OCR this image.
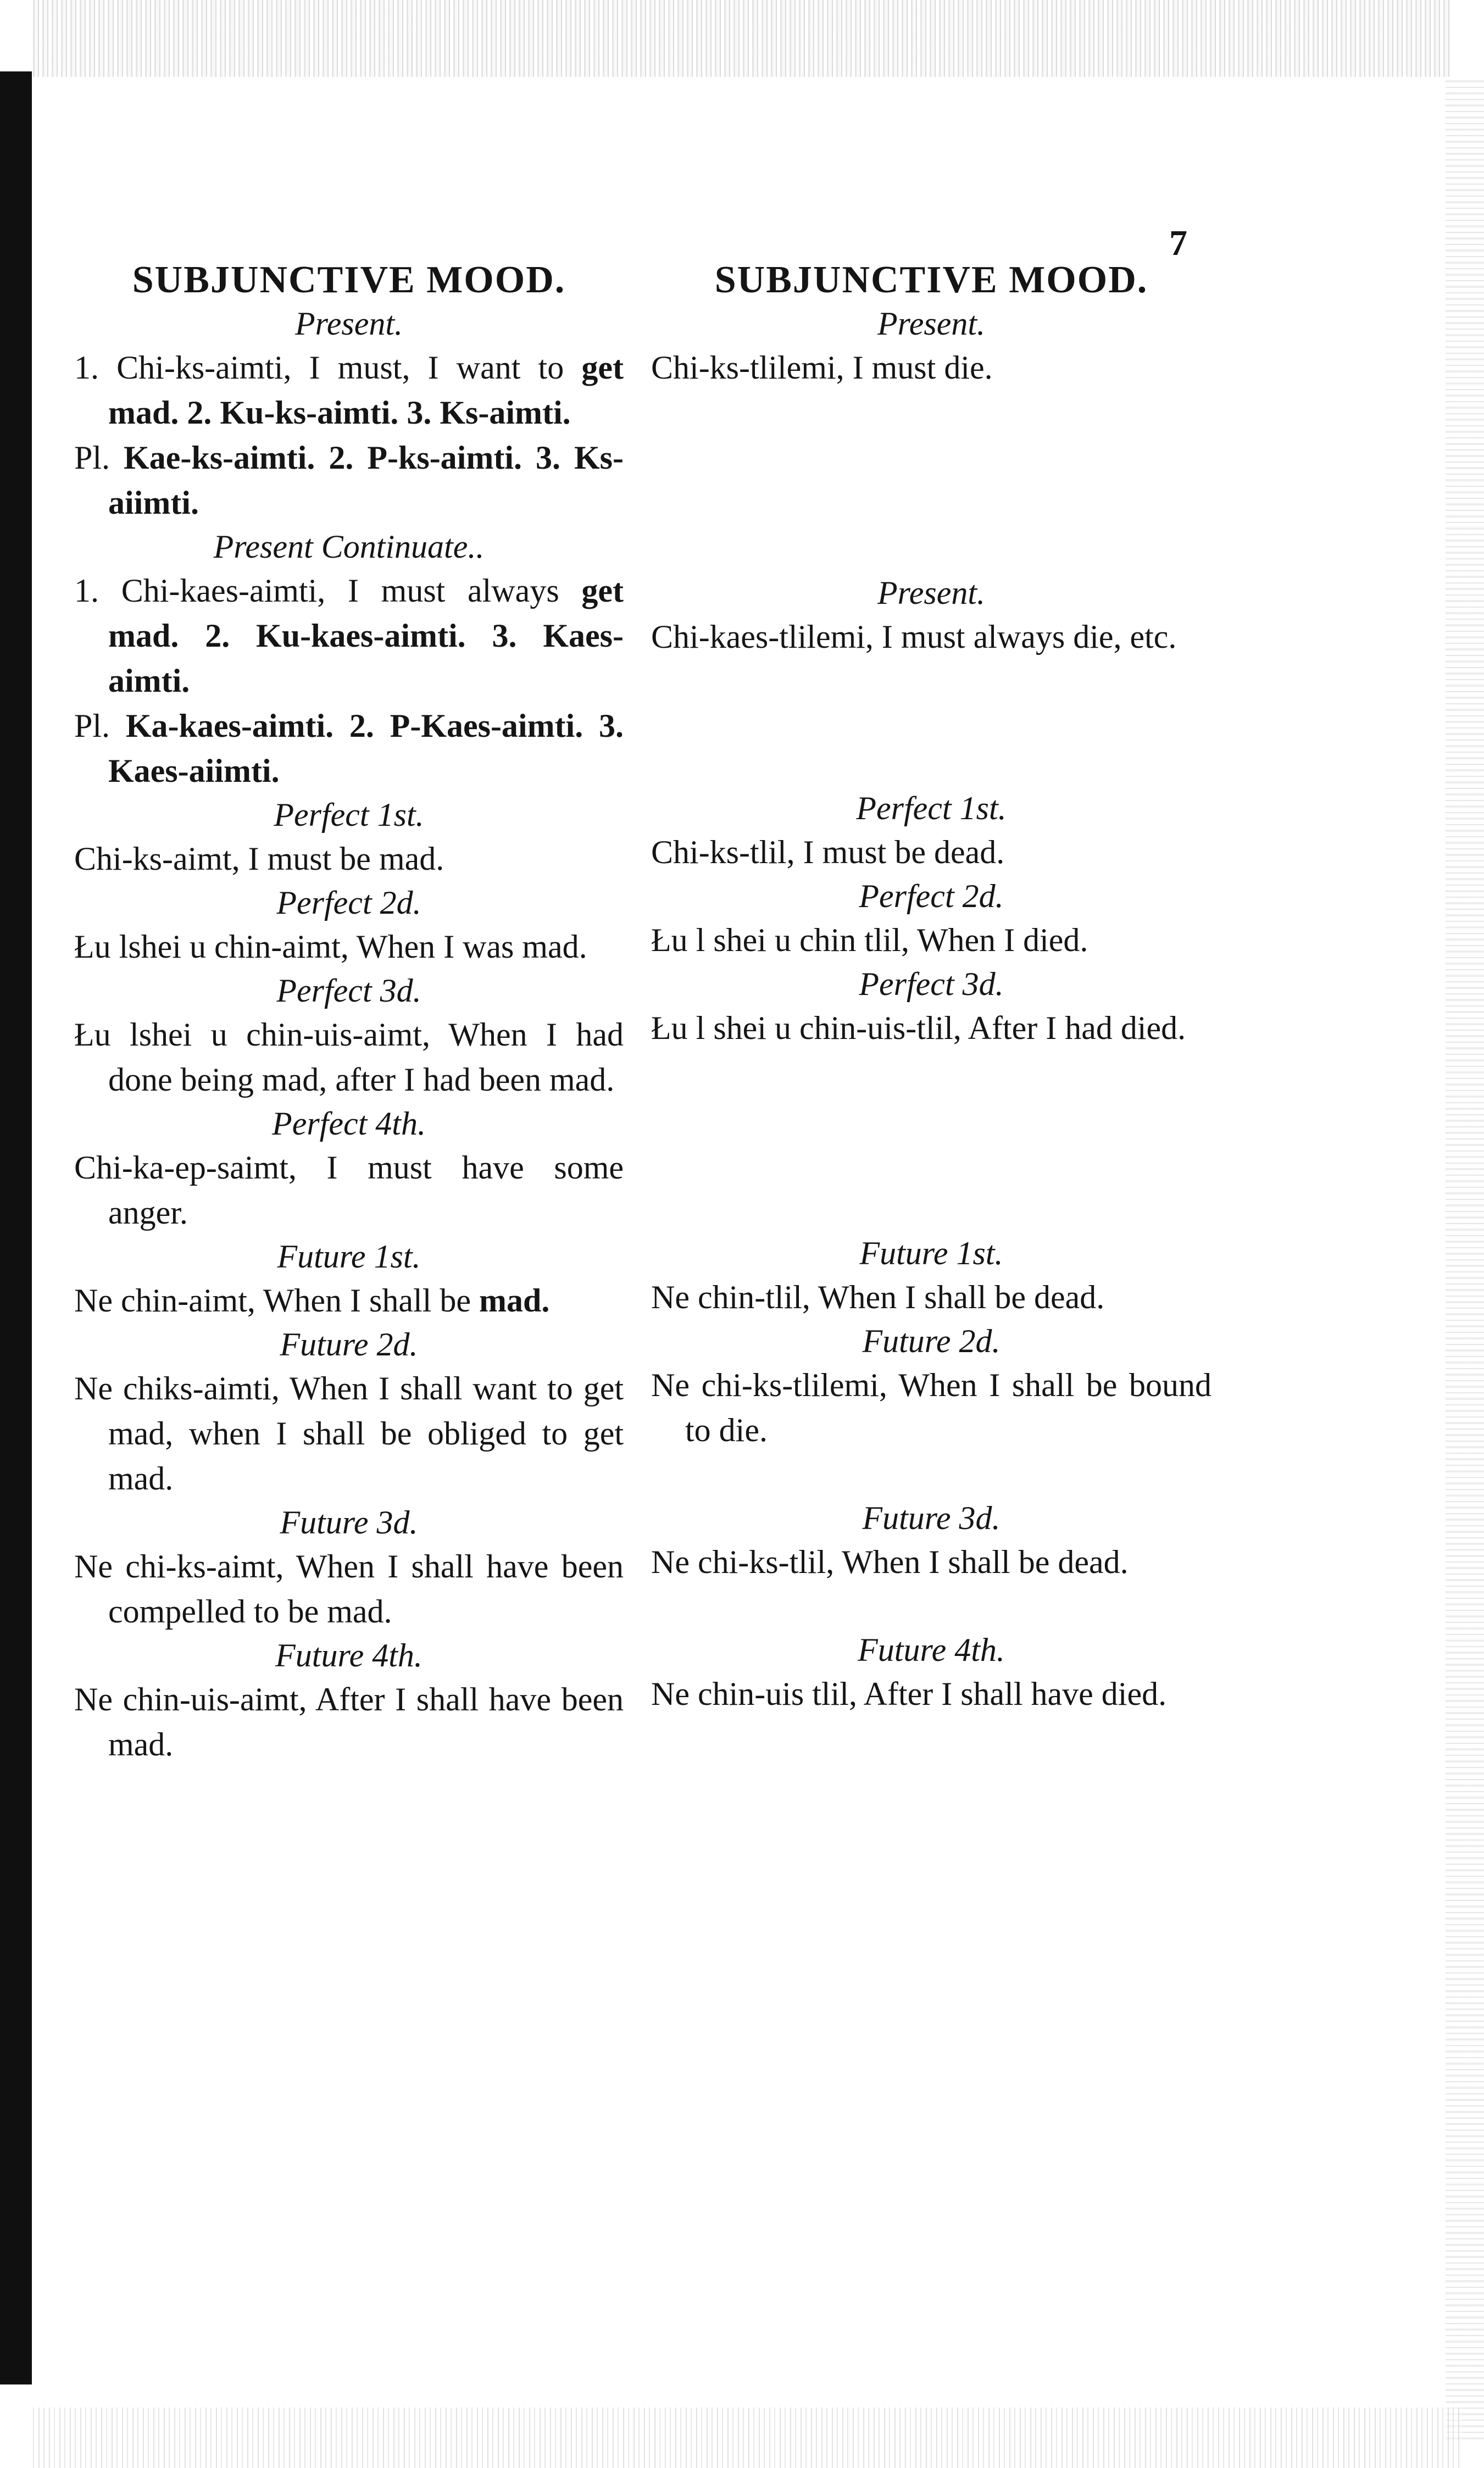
7
SUBJUNCTIVE MOOD.

Present.

1. Chi-ks-aimti, I must, I want to get mad. 2. Ku-ks-aimti. 3. Ks-aimti.

Pl. Kae-ks-aimti. 2. P-ks-aimti. 3. Ks-aiimti.

Present Continuate..

1. Chi-kaes-aimti, I must always get mad. 2. Ku-kaes-aimti. 3. Kaes-aimti.

Pl. Ka-kaes-aimti. 2. P-Kaes-aimti. 3. Kaes-aiimti.

Perfect 1st.

Chi-ks-aimt, I must be mad.

Perfect 2d.

Łu lshei u chin-aimt, When I was mad.

Perfect 3d.

Łu lshei u chin-uis-aimt, When I had done being mad, after I had been mad.

Perfect 4th.

Chi-ka-ep-saimt, I must have some anger.

Future 1st.

Ne chin-aimt, When I shall be mad.

Future 2d.

Ne chiks-aimti, When I shall want to get mad, when I shall be obliged to get mad.

Future 3d.

Ne chi-ks-aimt, When I shall have been compelled to be mad.

Future 4th.

Ne chin-uis-aimt, After I shall have been mad.

SUBJUNCTIVE MOOD.

Present.

Chi-ks-tlilemi, I must die.

Present.

Chi-kaes-tlilemi, I must always die, etc.

Perfect 1st.

Chi-ks-tlil, I must be dead.

Perfect 2d.

Łu l shei u chin tlil, When I died.

Perfect 3d.

Łu l shei u chin-uis-tlil, After I had died.

Future 1st.

Ne chin-tlil, When I shall be dead.

Future 2d.

Ne chi-ks-tlilemi, When I shall be bound to die.

Future 3d.

Ne chi-ks-tlil, When I shall be dead.

Future 4th.

Ne chin-uis tlil, After I shall have died.
